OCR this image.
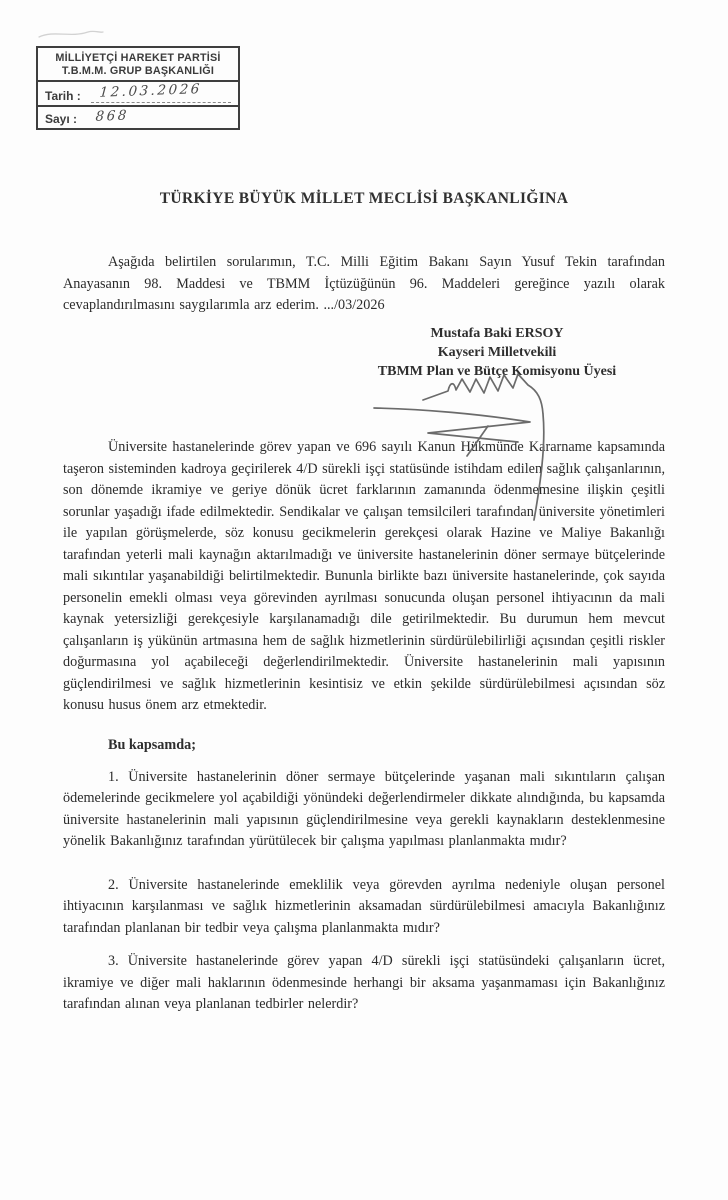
MİLLİYETÇİ HAREKET PARTİSİ
T.B.M.M. GRUP BAŞKANLIĞI
Tarih :	12.03.2026
Sayı :	868
TÜRKİYE BÜYÜK MİLLET MECLİSİ BAŞKANLIĞINA

Aşağıda belirtilen sorularımın, T.C. Milli Eğitim Bakanı Sayın Yusuf Tekin tarafından Anayasanın 98. Maddesi ve TBMM İçtüzüğünün 96. Maddeleri gereğince yazılı olarak cevaplandırılmasını saygılarımla arz ederim. .../03/2026

Mustafa Baki ERSOY
Kayseri Milletvekili
TBMM Plan ve Bütçe Komisyonu Üyesi

Üniversite hastanelerinde görev yapan ve 696 sayılı Kanun Hükmünde Kararname kapsamında taşeron sisteminden kadroya geçirilerek 4/D sürekli işçi statüsünde istihdam edilen sağlık çalışanlarının, son dönemde ikramiye ve geriye dönük ücret farklarının zamanında ödenmemesine ilişkin çeşitli sorunlar yaşadığı ifade edilmektedir. Sendikalar ve çalışan temsilcileri tarafından üniversite yönetimleri ile yapılan görüşmelerde, söz konusu gecikmelerin gerekçesi olarak Hazine ve Maliye Bakanlığı tarafından yeterli mali kaynağın aktarılmadığı ve üniversite hastanelerinin döner sermaye bütçelerinde mali sıkıntılar yaşanabildiği belirtilmektedir. Bununla birlikte bazı üniversite hastanelerinde, çok sayıda personelin emekli olması veya görevinden ayrılması sonucunda oluşan personel ihtiyacının da mali kaynak yetersizliği gerekçesiyle karşılanamadığı dile getirilmektedir. Bu durumun hem mevcut çalışanların iş yükünün artmasına hem de sağlık hizmetlerinin sürdürülebilirliği açısından çeşitli riskler doğurmasına yol açabileceği değerlendirilmektedir. Üniversite hastanelerinin mali yapısının güçlendirilmesi ve sağlık hizmetlerinin kesintisiz ve etkin şekilde sürdürülebilmesi açısından söz konusu husus önem arz etmektedir.

Bu kapsamda;

1. Üniversite hastanelerinin döner sermaye bütçelerinde yaşanan mali sıkıntıların çalışan ödemelerinde gecikmelere yol açabildiği yönündeki değerlendirmeler dikkate alındığında, bu kapsamda üniversite hastanelerinin mali yapısının güçlendirilmesine veya gerekli kaynakların desteklenmesine yönelik Bakanlığınız tarafından yürütülecek bir çalışma yapılması planlanmakta mıdır?

2. Üniversite hastanelerinde emeklilik veya görevden ayrılma nedeniyle oluşan personel ihtiyacının karşılanması ve sağlık hizmetlerinin aksamadan sürdürülebilmesi amacıyla Bakanlığınız tarafından planlanan bir tedbir veya çalışma planlanmakta mıdır?

3. Üniversite hastanelerinde görev yapan 4/D sürekli işçi statüsündeki çalışanların ücret, ikramiye ve diğer mali haklarının ödenmesinde herhangi bir aksama yaşanmaması için Bakanlığınız tarafından alınan veya planlanan tedbirler nelerdir?
